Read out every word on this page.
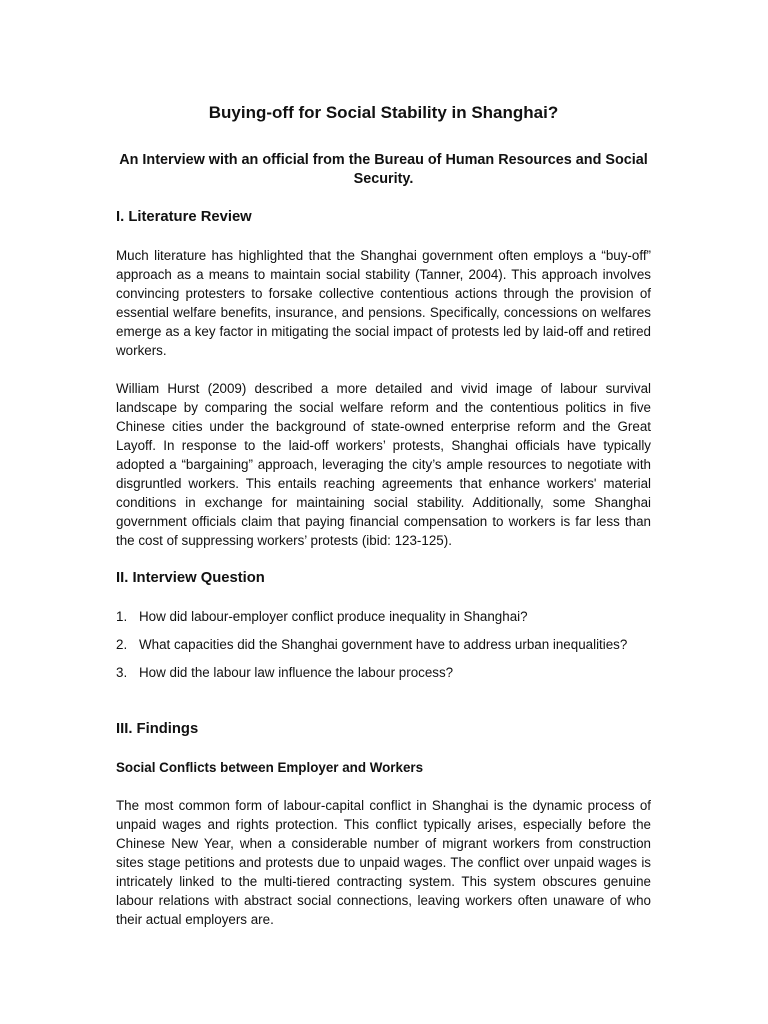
Buying-off for Social Stability in Shanghai?
An Interview with an official from the Bureau of Human Resources and Social Security.
I. Literature Review

Much literature has highlighted that the Shanghai government often employs a “buy-off” approach as a means to maintain social stability (Tanner, 2004). This approach involves convincing protesters to forsake collective contentious actions through the provision of essential welfare benefits, insurance, and pensions. Specifically, concessions on welfares emerge as a key factor in mitigating the social impact of protests led by laid-off and retired workers.

William Hurst (2009) described a more detailed and vivid image of labour survival landscape by comparing the social welfare reform and the contentious politics in five Chinese cities under the background of state-owned enterprise reform and the Great Layoff. In response to the laid-off workers’ protests, Shanghai officials have typically adopted a “bargaining” approach, leveraging the city’s ample resources to negotiate with disgruntled workers. This entails reaching agreements that enhance workers' material conditions in exchange for maintaining social stability. Additionally, some Shanghai government officials claim that paying financial compensation to workers is far less than the cost of suppressing workers’ protests (ibid: 123-125).

II. Interview Question
1. How did labour-employer conflict produce inequality in Shanghai?
2. What capacities did the Shanghai government have to address urban inequalities?
3. How did the labour law influence the labour process?
III. Findings
Social Conflicts between Employer and Workers

The most common form of labour-capital conflict in Shanghai is the dynamic process of unpaid wages and rights protection. This conflict typically arises, especially before the Chinese New Year, when a considerable number of migrant workers from construction sites stage petitions and protests due to unpaid wages. The conflict over unpaid wages is intricately linked to the multi-tiered contracting system. This system obscures genuine labour relations with abstract social connections, leaving workers often unaware of who their actual employers are.
